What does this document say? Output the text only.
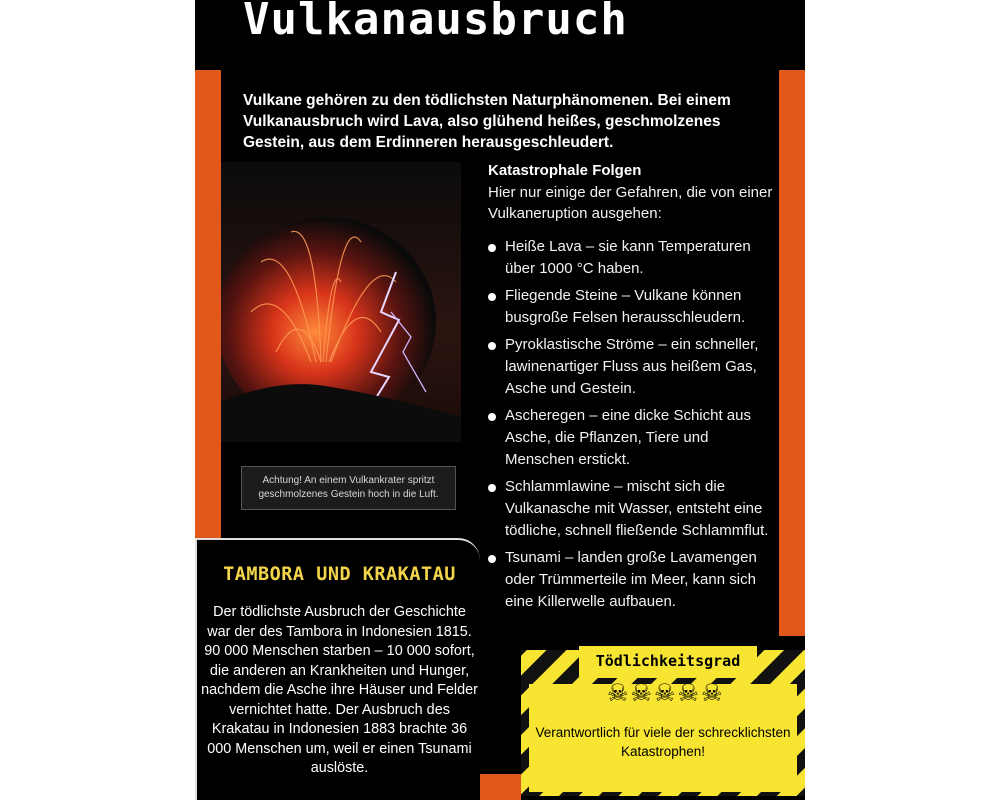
Vulkanausbruch

Vulkane gehören zu den tödlichsten Naturphänomenen. Bei einem Vulkanausbruch wird Lava, also glühend heißes, geschmolzenes Gestein, aus dem Erdinneren herausgeschleudert.

Achtung! An einem Vulkankrater spritzt geschmolzenes Gestein hoch in die Luft.
Katastrophale Folgen

Hier nur einige der Gefahren, die von einer Vulkaneruption ausgehen:

Heiße Lava – sie kann Temperaturen über 1000 °C haben.
Fliegende Steine – Vulkane können busgroße Felsen herausschleudern.
Pyroklastische Ströme – ein schneller, lawinenartiger Fluss aus heißem Gas, Asche und Gestein.
Ascheregen – eine dicke Schicht aus Asche, die Pflanzen, Tiere und Menschen erstickt.
Schlammlawine – mischt sich die Vulkanasche mit Wasser, entsteht eine tödliche, schnell fließende Schlammflut.
Tsunami – landen große Lavamengen oder Trümmerteile im Meer, kann sich eine Killerwelle aufbauen.
TAMBORA UND KRAKATAU

Der tödlichste Ausbruch der Geschichte war der des Tambora in Indonesien 1815. 90 000 Menschen starben – 10 000 sofort, die anderen an Krankheiten und Hunger, nachdem die Asche ihre Häuser und Felder vernichtet hatte. Der Ausbruch des Krakatau in Indonesien 1883 brachte 36 000 Menschen um, weil er einen Tsunami auslöste.

Tödlichkeitsgrad
☠☠☠☠☠
Verantwortlich für viele der schrecklichsten Katastrophen!
